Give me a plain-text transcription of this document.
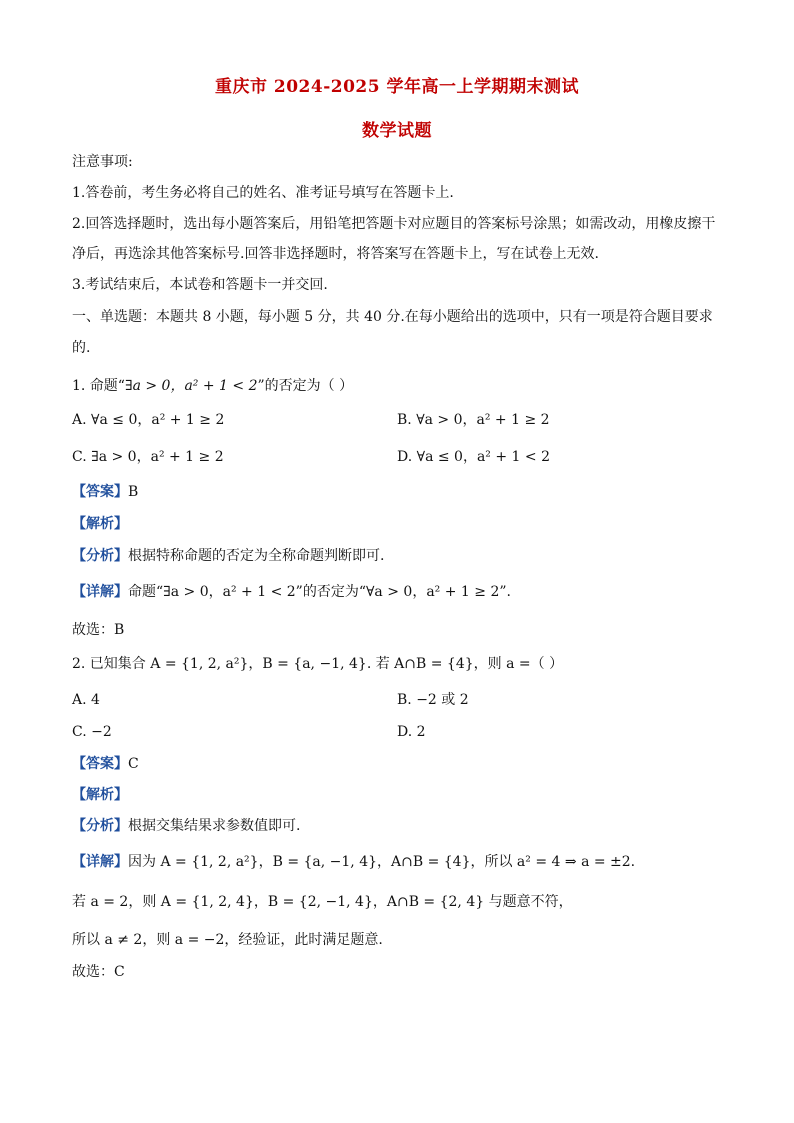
重庆市 2024-2025 学年高一上学期期末测试
数学试题
注意事项:
1.答卷前，考生务必将自己的姓名、准考证号填写在答题卡上.
2.回答选择题时，选出每小题答案后，用铅笔把答题卡对应题目的答案标号涂黑；如需改动，用橡皮擦干
净后，再选涂其他答案标号.回答非选择题时，将答案写在答题卡上，写在试卷上无效.
3.考试结束后，本试卷和答题卡一并交回.
一、单选题：本题共 8 小题，每小题 5 分，共 40 分.在每小题给出的选项中，只有一项是符合题目要求
的.
1. 命题“∃a > 0，a² + 1 < 2”的否定为（ ）
A. ∀a ≤ 0，a² + 1 ≥ 2	B. ∀a > 0，a² + 1 ≥ 2
C. ∃a > 0，a² + 1 ≥ 2	D. ∀a ≤ 0，a² + 1 < 2
【答案】B
【解析】
【分析】根据特称命题的否定为全称命题判断即可.
【详解】命题“∃a > 0，a² + 1 < 2”的否定为“∀a > 0，a² + 1 ≥ 2”.
故选：B
2. 已知集合 A = {1, 2, a²}，B = {a, −1, 4}. 若 A∩B = {4}，则 a =（ ）
A. 4	B. −2 或 2
C. −2	D. 2
【答案】C
【解析】
【分析】根据交集结果求参数值即可.
【详解】因为 A = {1, 2, a²}，B = {a, −1, 4}，A∩B = {4}，所以 a² = 4 ⇒ a = ±2.
若 a = 2，则 A = {1, 2, 4}，B = {2, −1, 4}，A∩B = {2, 4} 与题意不符，
所以 a ≠ 2，则 a = −2，经验证，此时满足题意.
故选：C
